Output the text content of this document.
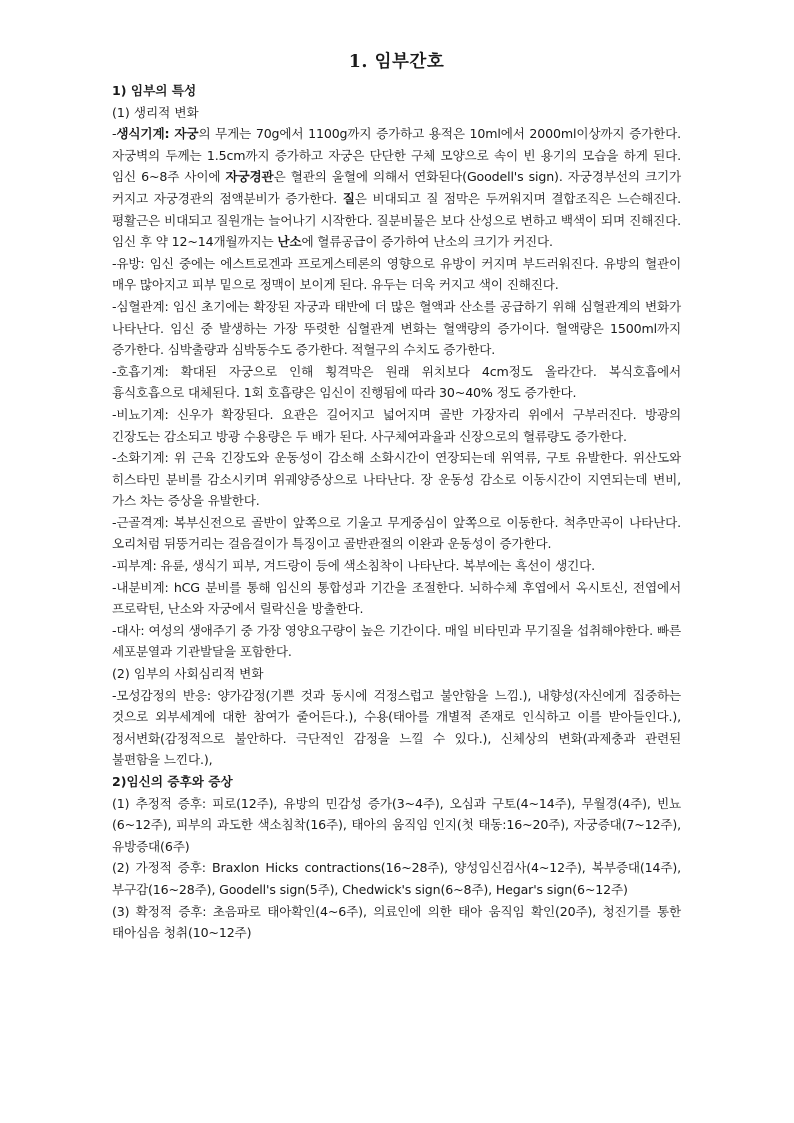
1. 임부간호
1) 임부의 특성
(1) 생리적 변화

-생식기계: 자궁의 무게는 70g에서 1100g까지 증가하고 용적은 10ml에서 2000ml이상까지 증가한다. 자궁벽의 두께는 1.5cm까지 증가하고 자궁은 단단한 구체 모양으로 속이 빈 용기의 모습을 하게 된다. 임신 6~8주 사이에 자궁경관은 혈관의 울혈에 의해서 연화된다(Goodell's sign). 자궁경부선의 크기가 커지고 자궁경관의 점액분비가 증가한다. 질은 비대되고 질 점막은 두꺼워지며 결합조직은 느슨해진다. 평활근은 비대되고 질원개는 늘어나기 시작한다. 질분비물은 보다 산성으로 변하고 백색이 되며 진해진다. 임신 후 약 12~14개월까지는 난소에 혈류공급이 증가하여 난소의 크기가 커진다.

-유방: 임신 중에는 에스트로겐과 프로게스테론의 영향으로 유방이 커지며 부드러워진다. 유방의 혈관이 매우 많아지고 피부 밑으로 정맥이 보이게 된다. 유두는 더욱 커지고 색이 진해진다.

-심혈관계: 임신 초기에는 확장된 자궁과 태반에 더 많은 혈액과 산소를 공급하기 위해 심혈관계의 변화가 나타난다. 임신 중 발생하는 가장 뚜렷한 심혈관계 변화는 혈액량의 증가이다. 혈액량은 1500ml까지 증가한다. 심박출량과 심박동수도 증가한다. 적혈구의 수치도 증가한다.

-호흡기계: 확대된 자궁으로 인해 횡격막은 원래 위치보다 4cm정도 올라간다. 복식호흡에서 흉식호흡으로 대체된다. 1회 호흡량은 임신이 진행됨에 따라 30~40% 정도 증가한다.

-비뇨기계: 신우가 확장된다. 요관은 길어지고 넓어지며 골반 가장자리 위에서 구부러진다. 방광의 긴장도는 감소되고 방광 수용량은 두 배가 된다. 사구체여과율과 신장으로의 혈류량도 증가한다.

-소화기계: 위 근육 긴장도와 운동성이 감소해 소화시간이 연장되는데 위역류, 구토 유발한다. 위산도와 히스타민 분비를 감소시키며 위궤양증상으로 나타난다. 장 운동성 감소로 이동시간이 지연되는데 변비, 가스 차는 증상을 유발한다.

-근골격계: 복부신전으로 골반이 앞쪽으로 기울고 무게중심이 앞쪽으로 이동한다. 척추만곡이 나타난다. 오리처럼 뒤뚱거리는 걸음걸이가 특징이고 골반관절의 이완과 운동성이 증가한다.

-피부계: 유륜, 생식기 피부, 겨드랑이 등에 색소침착이 나타난다. 복부에는 흑선이 생긴다.

-내분비계: hCG 분비를 통해 임신의 통합성과 기간을 조절한다. 뇌하수체 후엽에서 옥시토신, 전엽에서 프로락틴, 난소와 자궁에서 릴락신을 방출한다.

-대사: 여성의 생애주기 중 가장 영양요구량이 높은 기간이다. 매일 비타민과 무기질을 섭취해야한다. 빠른 세포분열과 기관발달을 포함한다.

(2) 임부의 사회심리적 변화

-모성감정의 반응: 양가감정(기쁜 것과 동시에 걱정스럽고 불안함을 느낌.), 내향성(자신에게 집중하는 것으로 외부세계에 대한 참여가 줄어든다.), 수용(태아를 개별적 존재로 인식하고 이를 받아들인다.), 정서변화(감정적으로 불안하다. 극단적인 감정을 느낄 수 있다.), 신체상의 변화(과제충과 관련된 불편함을 느낀다.),

2)임신의 증후와 증상

(1) 추정적 증후: 피로(12주), 유방의 민감성 증가(3~4주), 오심과 구토(4~14주), 무월경(4주), 빈뇨(6~12주), 피부의 과도한 색소침착(16주), 태아의 움직임 인지(첫 태동:16~20주), 자궁증대(7~12주), 유방증대(6주)

(2) 가정적 증후: Braxlon Hicks contractions(16~28주), 양성임신검사(4~12주), 복부증대(14주), 부구감(16~28주), Goodell's sign(5주), Chedwick's sign(6~8주), Hegar's sign(6~12주)

(3) 확정적 증후: 초음파로 태아확인(4~6주), 의료인에 의한 태아 움직임 확인(20주), 청진기를 통한 태아심음 청취(10~12주)
